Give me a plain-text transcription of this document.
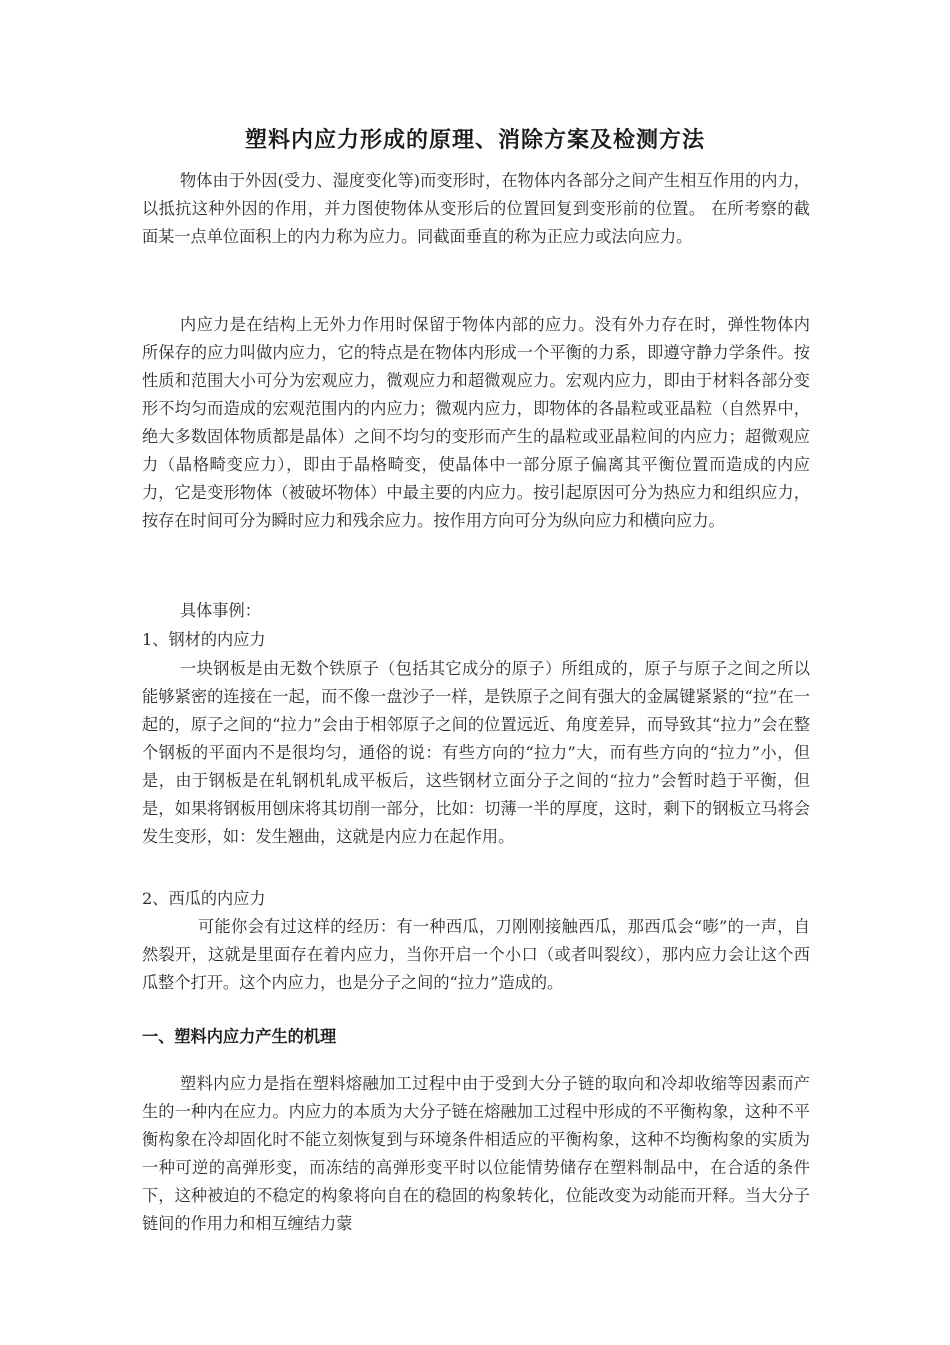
塑料内应力形成的原理、消除方案及检测方法

物体由于外因(受力、湿度变化等)而变形时，在物体内各部分之间产生相互作用的内力，以抵抗这种外因的作用，并力图使物体从变形后的位置回复到变形前的位置。 在所考察的截面某一点单位面积上的内力称为应力。同截面垂直的称为正应力或法向应力。

内应力是在结构上无外力作用时保留于物体内部的应力。没有外力存在时，弹性物体内所保存的应力叫做内应力，它的特点是在物体内形成一个平衡的力系，即遵守静力学条件。按性质和范围大小可分为宏观应力，微观应力和超微观应力。宏观内应力，即由于材料各部分变形不均匀而造成的宏观范围内的内应力；微观内应力，即物体的各晶粒或亚晶粒（自然界中，绝大多数固体物质都是晶体）之间不均匀的变形而产生的晶粒或亚晶粒间的内应力；超微观应力（晶格畸变应力），即由于晶格畸变，使晶体中一部分原子偏离其平衡位置而造成的内应力，它是变形物体（被破坏物体）中最主要的内应力。按引起原因可分为热应力和组织应力，按存在时间可分为瞬时应力和残余应力。按作用方向可分为纵向应力和横向应力。

具体事例：

1、钢材的内应力

一块钢板是由无数个铁原子（包括其它成分的原子）所组成的，原子与原子之间之所以能够紧密的连接在一起，而不像一盘沙子一样，是铁原子之间有强大的金属键紧紧的“拉”在一起的，原子之间的“拉力”会由于相邻原子之间的位置远近、角度差异，而导致其“拉力”会在整个钢板的平面内不是很均匀，通俗的说：有些方向的“拉力”大，而有些方向的“拉力”小，但是，由于钢板是在轧钢机轧成平板后，这些钢材立面分子之间的“拉力”会暂时趋于平衡，但是，如果将钢板用刨床将其切削一部分，比如：切薄一半的厚度，这时，剩下的钢板立马将会发生变形，如：发生翘曲，这就是内应力在起作用。

2、西瓜的内应力

可能你会有过这样的经历：有一种西瓜，刀刚刚接触西瓜，那西瓜会“嘭”的一声，自然裂开，这就是里面存在着内应力，当你开启一个小口（或者叫裂纹），那内应力会让这个西瓜整个打开。这个内应力，也是分子之间的“拉力”造成的。

一、塑料内应力产生的机理

塑料内应力是指在塑料熔融加工过程中由于受到大分子链的取向和冷却收缩等因素而产生的一种内在应力。内应力的本质为大分子链在熔融加工过程中形成的不平衡构象，这种不平衡构象在冷却固化时不能立刻恢复到与环境条件相适应的平衡构象，这种不均衡构象的实质为一种可逆的高弹形变，而冻结的高弹形变平时以位能情势储存在塑料制品中，在合适的条件下，这种被迫的不稳定的构象将向自在的稳固的构象转化，位能改变为动能而开释。当大分子链间的作用力和相互缠结力蒙
